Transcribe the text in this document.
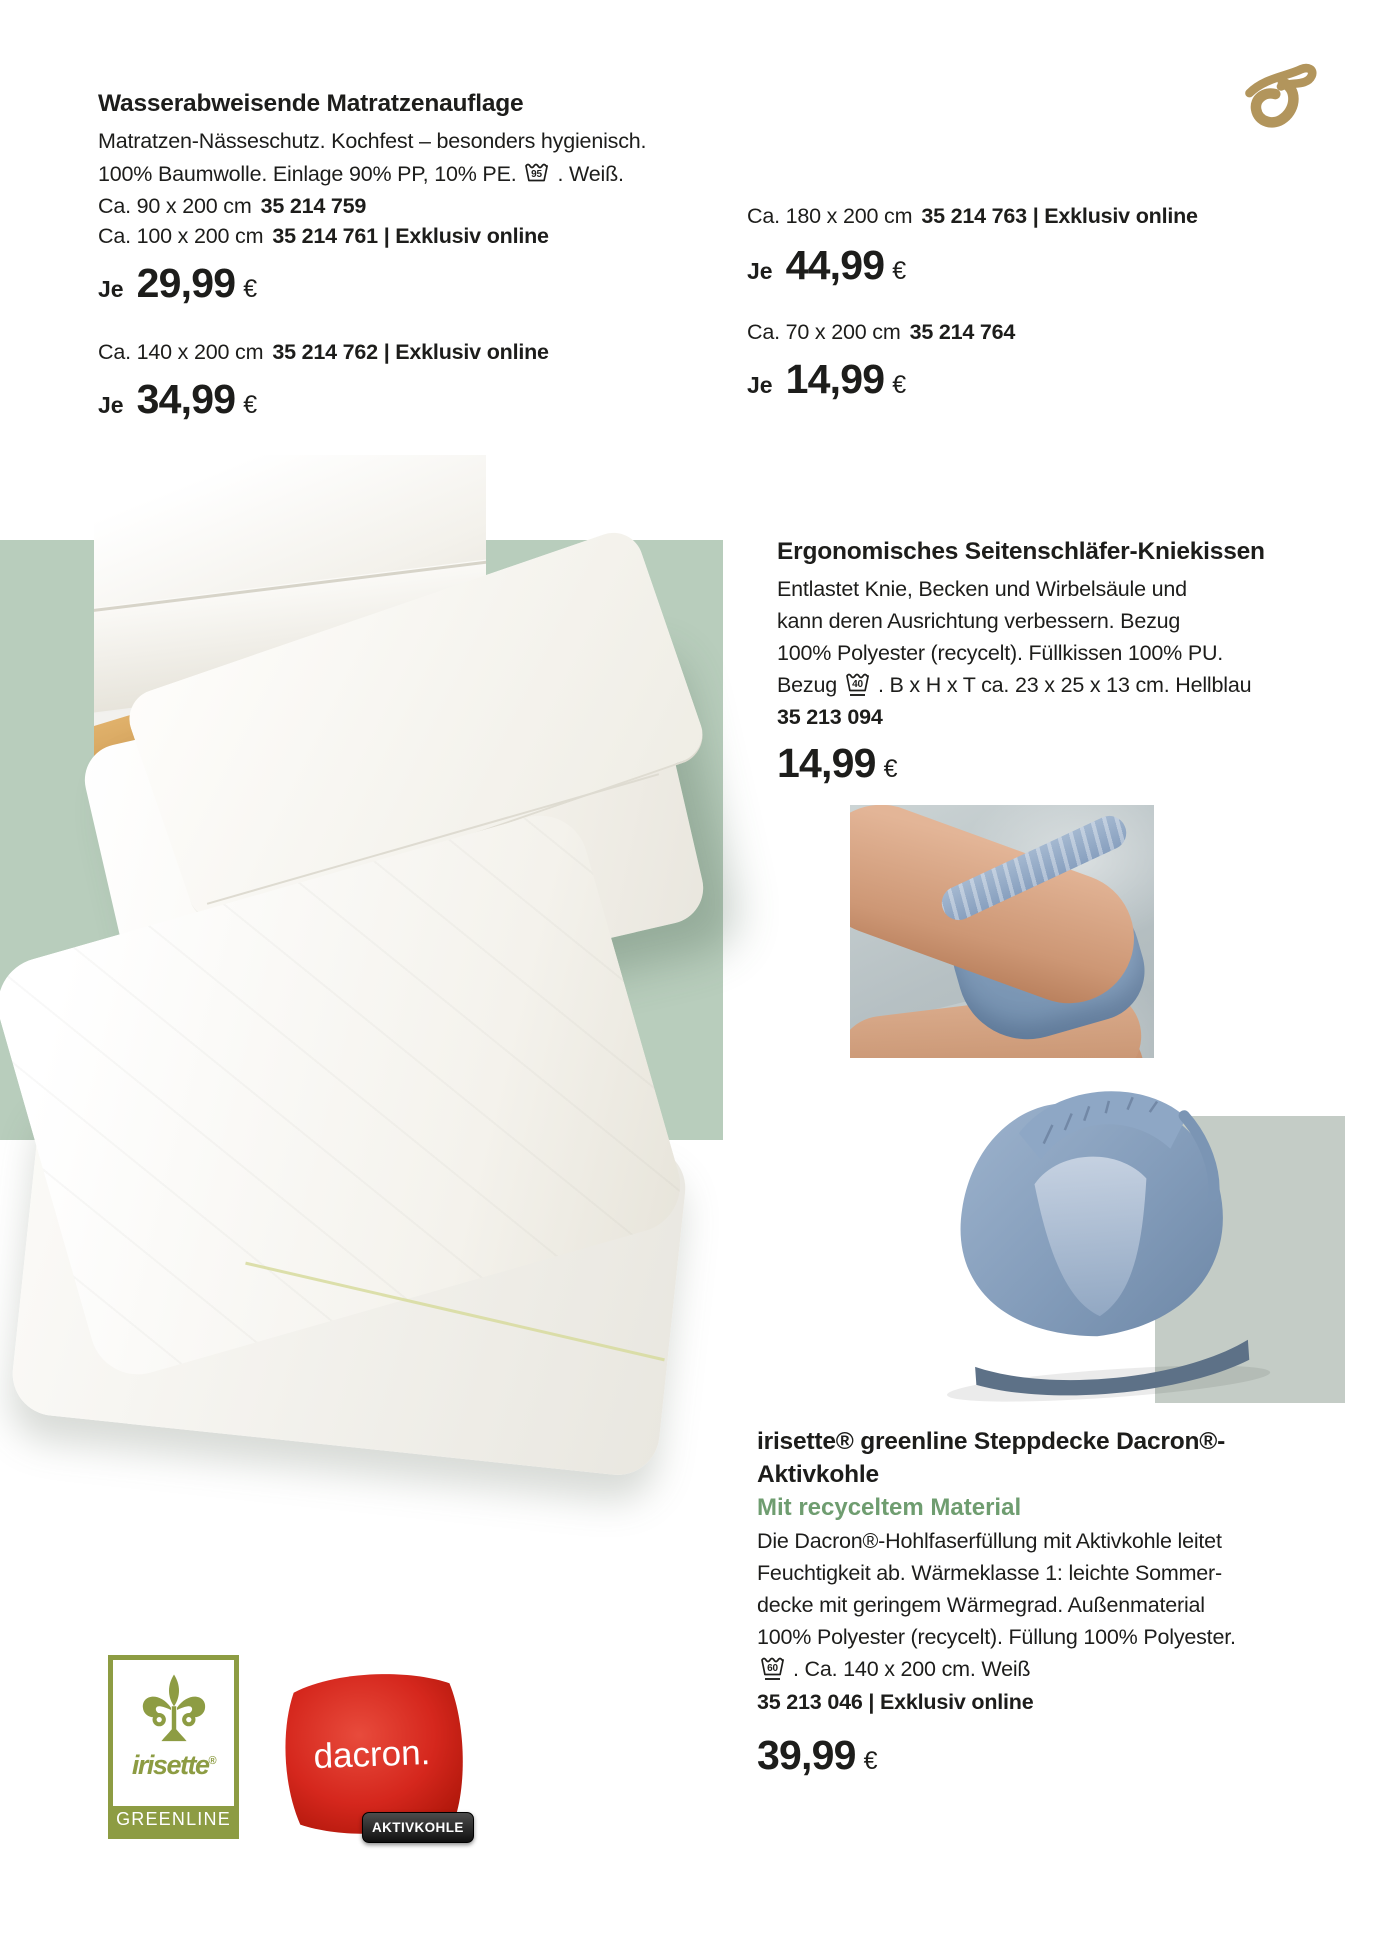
Wasserabweisende Matratzenauflage
Matratzen-Nässeschutz. Kochfest – besonders hygienisch.
100% Baumwolle. Einlage 90% PP, 10% PE. 95 . Weiß.
Ca. 90 x 200 cm 35 214 759
Ca. 100 x 200 cm 35 214 761 | Exklusiv online
Je 29,99 €
Ca. 140 x 200 cm 35 214 762 | Exklusiv online
Je 34,99 €
Ca. 180 x 200 cm 35 214 763 | Exklusiv online
Je 44,99 €
Ca. 70 x 200 cm 35 214 764
Je 14,99 €
Ergonomisches Seitenschläfer-Kniekissen
Entlastet Knie, Becken und Wirbelsäule und
kann deren Ausrichtung verbessern. Bezug
100% Polyester (recycelt). Füllkissen 100% PU.
Bezug 40 . B x H x T ca. 23 x 25 x 13 cm. Hellblau
35 213 094
14,99 €
irisette® greenline Steppdecke Dacron®-
Aktivkohle
Mit recyceltem Material
Die Dacron®-Hohlfaserfüllung mit Aktivkohle leitet
Feuchtigkeit ab. Wärmeklasse 1: leichte Sommer-
decke mit geringem Wärmegrad. Außenmaterial
100% Polyester (recycelt). Füllung 100% Polyester.
60 . Ca. 140 x 200 cm. Weiß
35 213 046 | Exklusiv online
39,99 €
irisette®
GREENLINE
dacron.
AKTIVKOHLE
